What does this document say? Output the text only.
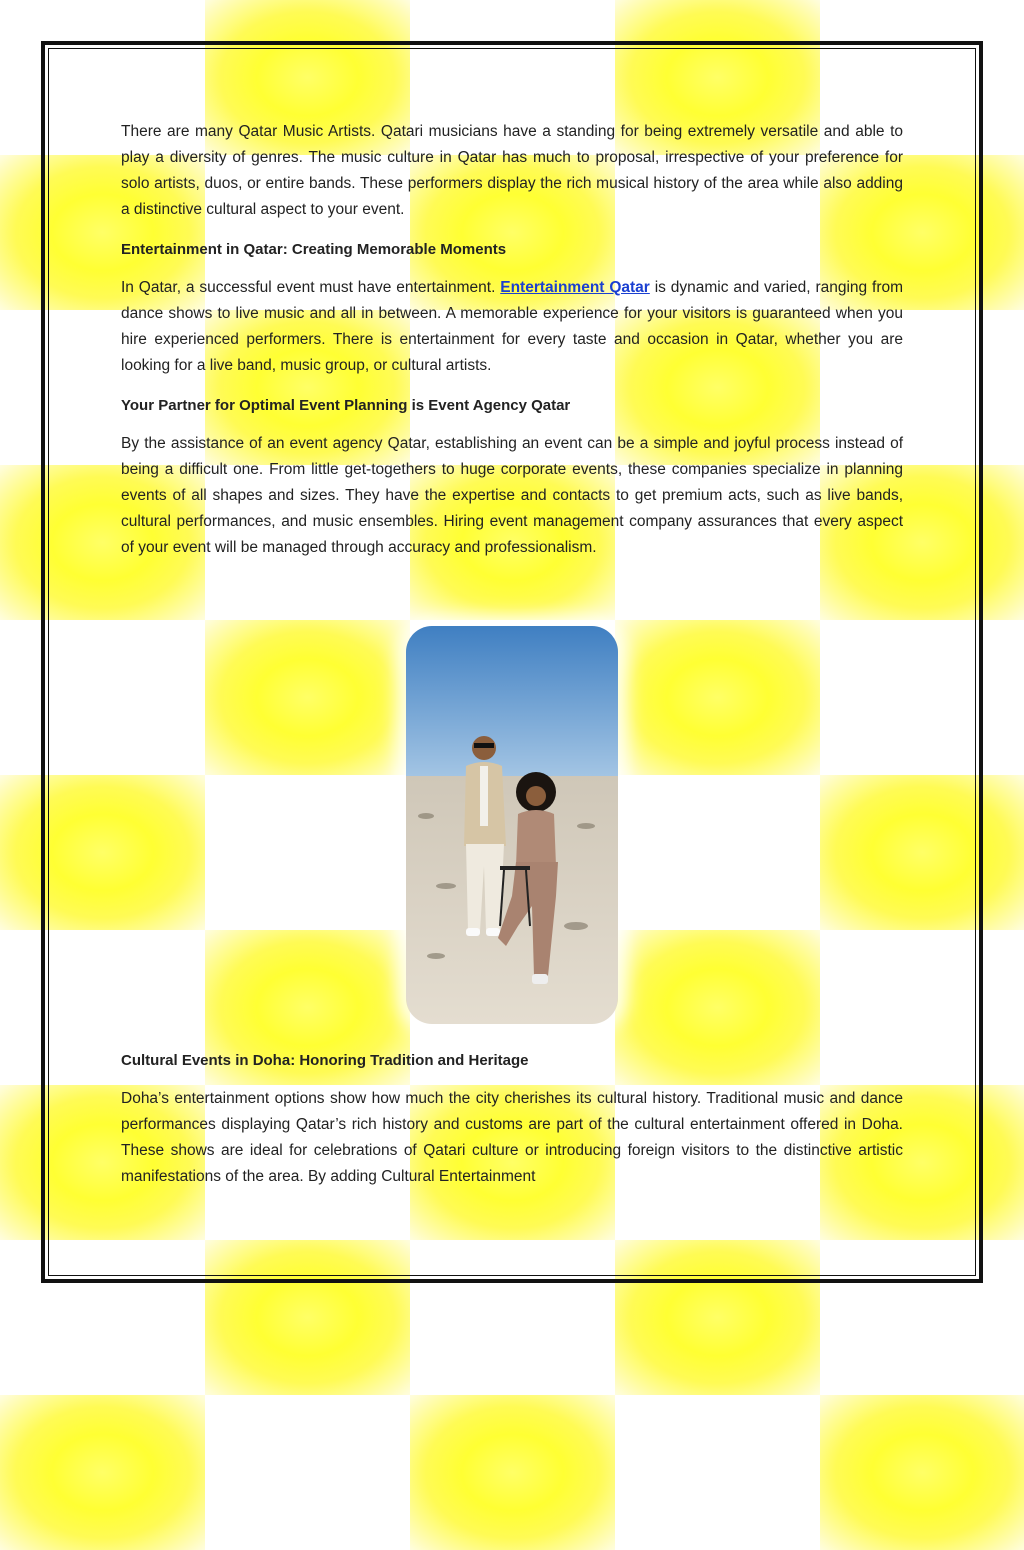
There are many Qatar Music Artists. Qatari musicians have a standing for being extremely versatile and able to play a diversity of genres. The music culture in Qatar has much to proposal, irrespective of your preference for solo artists, duos, or entire bands. These performers display the rich musical history of the area while also adding a distinctive cultural aspect to your event.

Entertainment in Qatar: Creating Memorable Moments

In Qatar, a successful event must have entertainment. Entertainment Qatar is dynamic and varied, ranging from dance shows to live music and all in between. A memorable experience for your visitors is guaranteed when you hire experienced performers. There is entertainment for every taste and occasion in Qatar, whether you are looking for a live band, music group, or cultural artists.

Your Partner for Optimal Event Planning is Event Agency Qatar

By the assistance of an event agency Qatar, establishing an event can be a simple and joyful process instead of being a difficult one. From little get-togethers to huge corporate events, these companies specialize in planning events of all shapes and sizes. They have the expertise and contacts to get premium acts, such as live bands, cultural performances, and music ensembles. Hiring event management company assurances that every aspect of your event will be managed through accuracy and professionalism.

Cultural Events in Doha: Honoring Tradition and Heritage

Doha’s entertainment options show how much the city cherishes its cultural history. Traditional music and dance performances displaying Qatar’s rich history and customs are part of the cultural entertainment offered in Doha. These shows are ideal for celebrations of Qatari culture or introducing foreign visitors to the distinctive artistic manifestations of the area. By adding Cultural Entertainment
